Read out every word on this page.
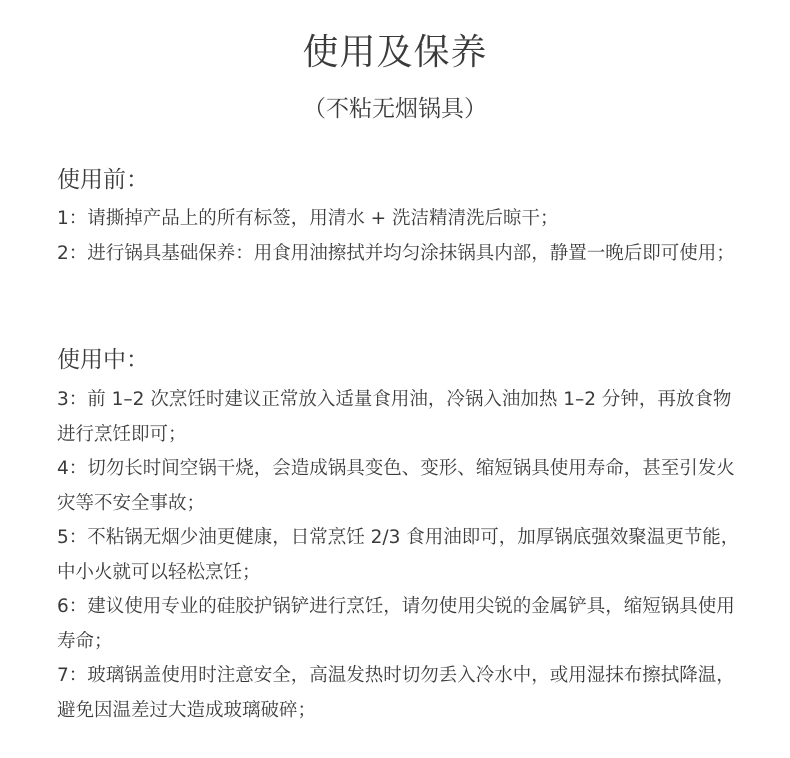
使用及保养
（不粘无烟锅具）

使用前：

1：请撕掉产品上的所有标签，用清水 + 洗洁精清洗后晾干；

2：进行锅具基础保养：用食用油擦拭并均匀涂抹锅具内部，静置一晚后即可使用；

使用中：

3：前 1–2 次烹饪时建议正常放入适量食用油，冷锅入油加热 1–2 分钟，再放食物进行烹饪即可；

4：切勿长时间空锅干烧，会造成锅具变色、变形、缩短锅具使用寿命，甚至引发火灾等不安全事故；

5：不粘锅无烟少油更健康，日常烹饪 2/3 食用油即可，加厚锅底强效聚温更节能，中小火就可以轻松烹饪；

6：建议使用专业的硅胶护锅铲进行烹饪，请勿使用尖锐的金属铲具，缩短锅具使用寿命；

7：玻璃锅盖使用时注意安全，高温发热时切勿丢入冷水中，或用湿抹布擦拭降温，避免因温差过大造成玻璃破碎；
